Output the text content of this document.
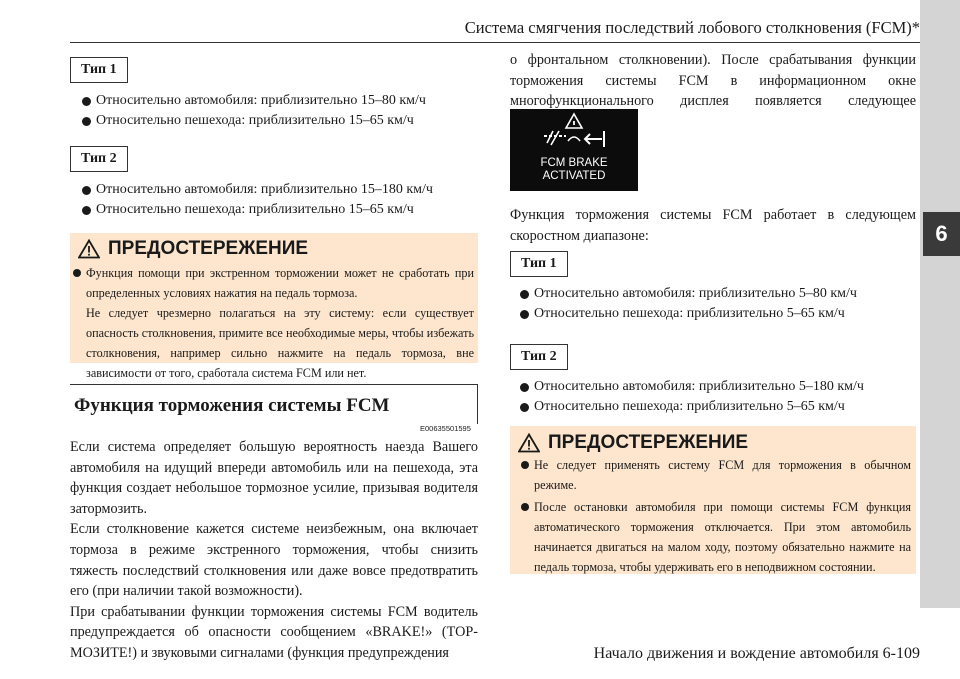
Система смягчения последствий лобового столкновения (FCM)*
6
Тип 1
Относительно автомобиля: приблизительно 15–80 км/ч
Относительно пешехода: приблизительно 15–65 км/ч
Тип 2
Относительно автомобиля: приблизительно 15–180 км/ч
Относительно пешехода: приблизительно 15–65 км/ч
ПРЕДОСТЕРЕЖЕНИЕ
Функция помощи при экстренном торможении может не сработать при определенных условиях нажатия на педаль тормоза.
Не следует чрезмерно полагаться на эту систему: если существует опасность столкновения, примите все необходимые меры, чтобы избежать столкновения, например сильно нажмите на педаль тормоза, вне зависимости от того, сработала система FCM или нет.
Функция торможения системы FCM
E00635501595

Если система определяет большую вероятность наезда Вашего автомобиля на идущий впереди автомобиль или на пешехода, эта функция создает небольшое тормозное усилие, призывая водителя затормозить.

Если столкновение кажется системе неизбежным, она включает тормоза в режиме экстренного торможения, чтобы снизить тяжесть последствий столкновения или даже вовсе предотвратить его (при наличии такой возможности).

При срабатывании функции торможения системы FCM водитель предупреждается об опасности сообщением «BRAKE!» (ТОР-МОЗИТЕ!) и звуковыми сигналами (функция предупреждения

о фронтальном столкновении). После срабатывания функции торможения системы FCM в информационном окне многофункционального дисплея появляется следующее
FCM BRAKE
ACTIVATED
Функция торможения системы FCM работает в следующем скоростном диапазоне:
Тип 1
Относительно автомобиля: приблизительно 5–80 км/ч
Относительно пешехода: приблизительно 5–65 км/ч
Тип 2
Относительно автомобиля: приблизительно 5–180 км/ч
Относительно пешехода: приблизительно 5–65 км/ч
ПРЕДОСТЕРЕЖЕНИЕ
Не следует применять систему FCM для торможения в обычном режиме.
После остановки автомобиля при помощи системы FCM функция автоматического торможения отключается. При этом автомобиль начинается двигаться на малом ходу, поэтому обязательно нажмите на педаль тормоза, чтобы удерживать его в неподвижном состоянии.
Начало движения и вождение автомобиля 6-109
